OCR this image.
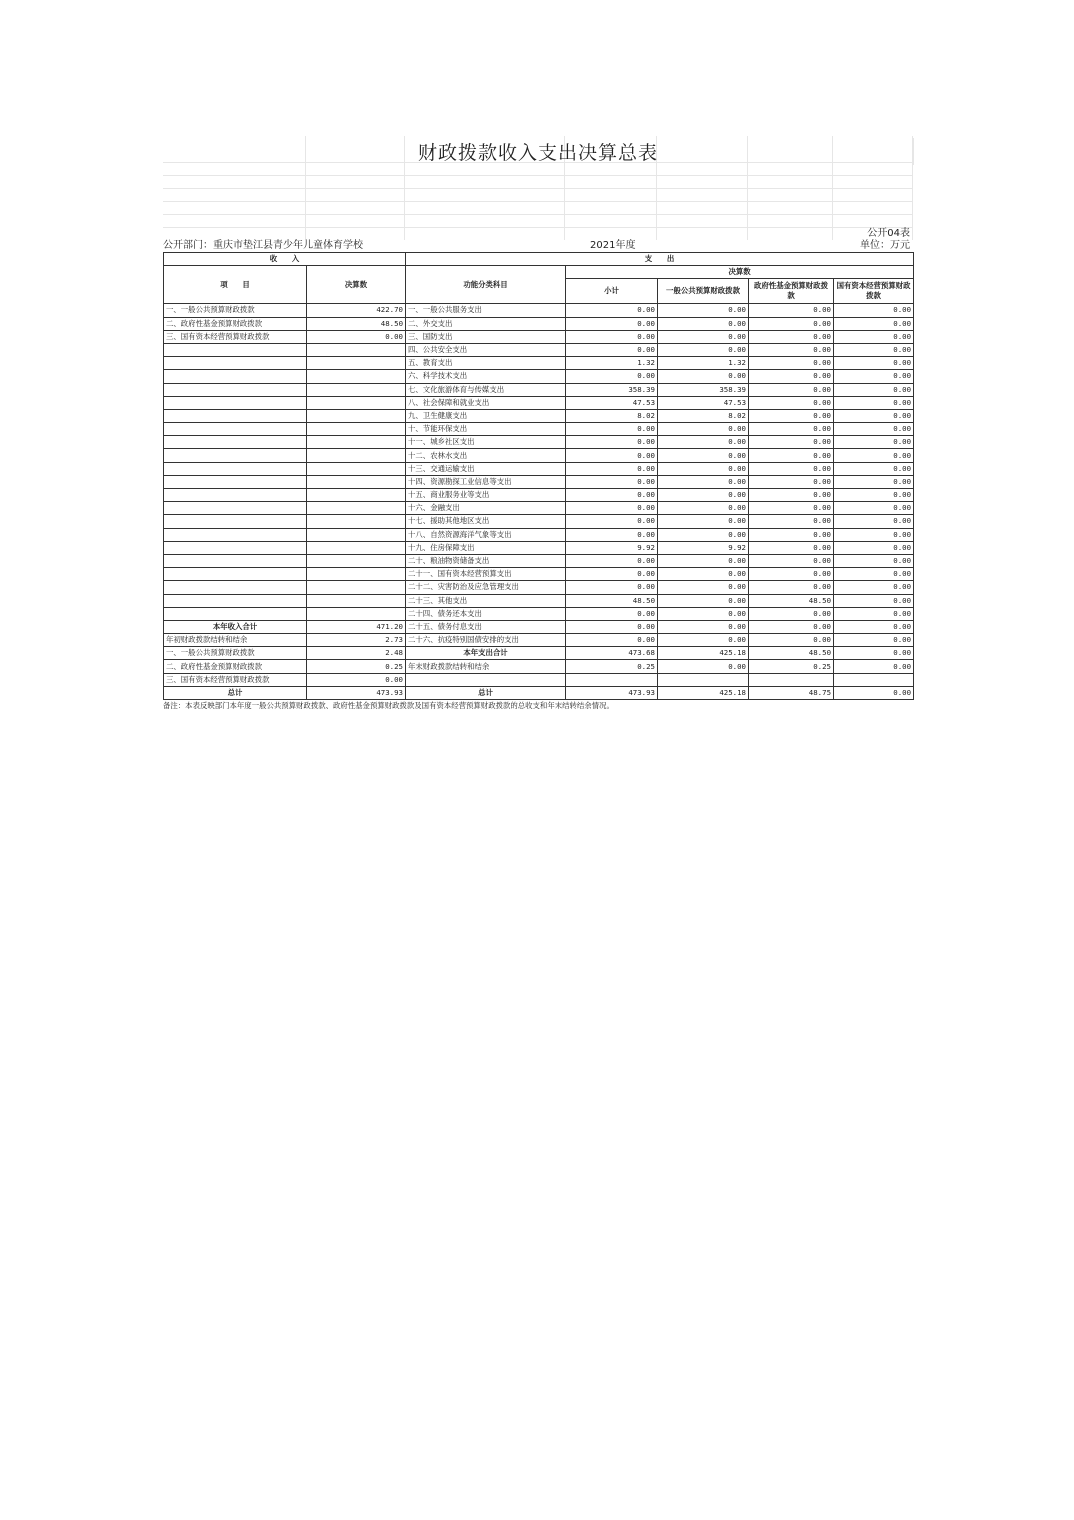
财政拨款收入支出决算总表
公开04表
公开部门：重庆市垫江县青少年儿童体育学校	2021年度	单位：万元
收　　入		支　　出				
项　　目	决算数	功能分类科目	决算数			
			小计	一般公共预算财政拨款	政府性基金预算财政拨款	国有资本经营预算财政拨款
一、一般公共预算财政拨款	422.70	一、一般公共服务支出	0.00	0.00	0.00	0.00
二、政府性基金预算财政拨款	48.50	二、外交支出	0.00	0.00	0.00	0.00
三、国有资本经营预算财政拨款	0.00	三、国防支出	0.00	0.00	0.00	0.00
		四、公共安全支出	0.00	0.00	0.00	0.00
		五、教育支出	1.32	1.32	0.00	0.00
		六、科学技术支出	0.00	0.00	0.00	0.00
		七、文化旅游体育与传媒支出	358.39	358.39	0.00	0.00
		八、社会保障和就业支出	47.53	47.53	0.00	0.00
		九、卫生健康支出	8.02	8.02	0.00	0.00
		十、节能环保支出	0.00	0.00	0.00	0.00
		十一、城乡社区支出	0.00	0.00	0.00	0.00
		十二、农林水支出	0.00	0.00	0.00	0.00
		十三、交通运输支出	0.00	0.00	0.00	0.00
		十四、资源勘探工业信息等支出	0.00	0.00	0.00	0.00
		十五、商业服务业等支出	0.00	0.00	0.00	0.00
		十六、金融支出	0.00	0.00	0.00	0.00
		十七、援助其他地区支出	0.00	0.00	0.00	0.00
		十八、自然资源海洋气象等支出	0.00	0.00	0.00	0.00
		十九、住房保障支出	9.92	9.92	0.00	0.00
		二十、粮油物资储备支出	0.00	0.00	0.00	0.00
		二十一、国有资本经营预算支出	0.00	0.00	0.00	0.00
		二十二、灾害防治及应急管理支出	0.00	0.00	0.00	0.00
		二十三、其他支出	48.50	0.00	48.50	0.00
		二十四、债务还本支出	0.00	0.00	0.00	0.00
本年收入合计	471.20	二十五、债务付息支出	0.00	0.00	0.00	0.00
年初财政拨款结转和结余	2.73	二十六、抗疫特别国债安排的支出	0.00	0.00	0.00	0.00
一、一般公共预算财政拨款	2.48	本年支出合计	473.68	425.18	48.50	0.00
二、政府性基金预算财政拨款	0.25	年末财政拨款结转和结余	0.25	0.00	0.25	0.00
三、国有资本经营预算财政拨款	0.00					
总计	473.93	总计	473.93	425.18	48.75	0.00
备注：本表反映部门本年度一般公共预算财政拨款、政府性基金预算财政拨款及国有资本经营预算财政拨款的总收支和年末结转结余情况。
